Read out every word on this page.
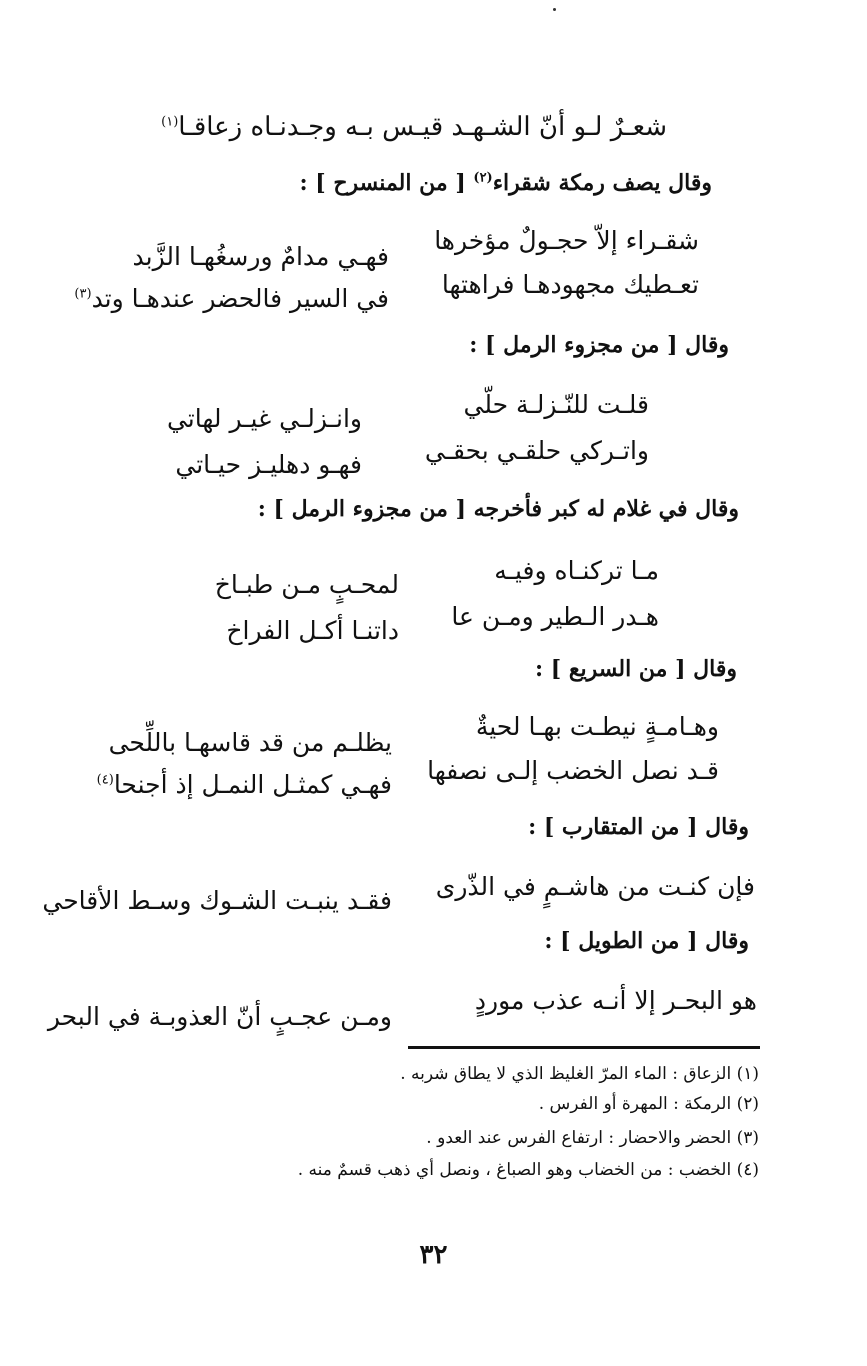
شعـرٌ لـو أنّ الشـهـد قيـس بـه وجـدنـاه زعاقـا$^{(١)}$
وقال يصف رمكة شقراء$^{(٢)}$ [ من المنسرح ] :
شقـراء إلاّ حجـولٌ مؤخرها
فهـي مدامٌ ورسغُهـا الزَّبد
تعـطيك مجهودهـا فراهتها
في السير فالحضر عندهـا وتد$^{(٣)}$
وقال [ من مجزوء الرمل ] :
قلـت للنّـزلـة حلّي
وانـزلـي غيـر لهاتي
واتـركي حلقـي بحقـي
فهـو دهليـز حيـاتي
وقال في غلام له كبر فأخرجه [ من مجزوء الرمل ] :
مـا تركنـاه وفيـه
لمحـبٍ مـن طبـاخ
هـدر الـطير ومـن عا
داتنـا أكـل الفراخ
وقال [ من السريع ] :
وهـامـةٍ نيطـت بهـا لحيةٌ
يظلـم من قد قاسهـا باللِّحى
قـد نصل الخضب إلـى نصفها
فهـي كمثـل النمـل إذ أجنحا$^{(٤)}$
وقال [ من المتقارب ] :
فإن كنـت من هاشـمٍ في الذّرى
فقـد ينبـت الشـوك وسـط الأقاحي
وقال [ من الطويل ] :
هو البحـر إلا أنـه عذب موردٍ
ومـن عجـبٍ أنّ العذوبـة في البحر
(١) الزعاق : الماء المرّ الغليظ الذي لا يطاق شربه .
(٢) الرمكة : المهرة أو الفرس .
(٣) الحضر والاحضار : ارتفاع الفرس عند العدو .
(٤) الخضب : من الخضاب وهو الصباغ ، ونصل أي ذهب قسمٌ منه .
٣٢
